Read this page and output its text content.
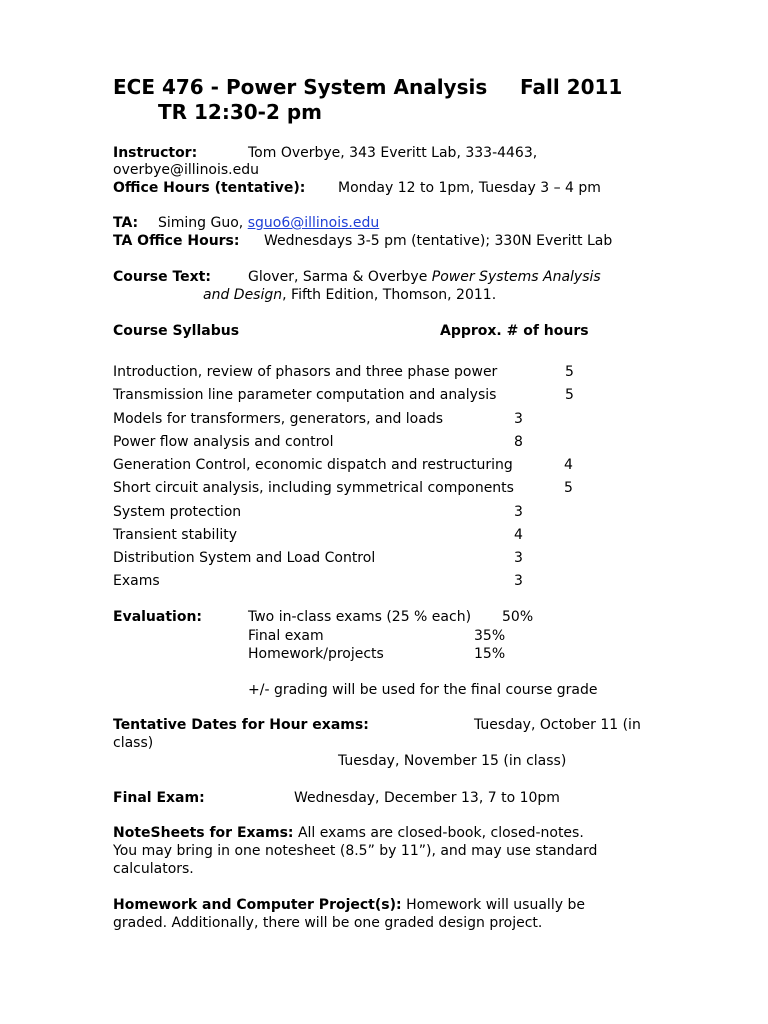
ECE 476 - Power System Analysis Fall 2011
TR 12:30-2 pm
Instructor:	Tom Overbye, 343 Everitt Lab, 333-4463,
overbye@illinois.edu
Office Hours (tentative): Monday 12 to 1pm, Tuesday 3 – 4 pm
TA: Siming Guo, sguo6@illinois.edu
TA Office Hours: Wednesdays 3-5 pm (tentative); 330N Everitt Lab
Course Text:	Glover, Sarma & Overbye Power Systems Analysis
and Design, Fifth Edition, Thomson, 2011.
Course Syllabus	Approx. # of hours
Introduction, review of phasors and three phase power	5
Transmission line parameter computation and analysis	5
Models for transformers, generators, and loads	3
Power flow analysis and control	8
Generation Control, economic dispatch and restructuring	4
Short circuit analysis, including symmetrical components	5
System protection	3
Transient stability	4
Distribution System and Load Control	3
Exams	3
Evaluation:	Two in-class exams (25 % each) 50%
Final exam	35%
Homework/projects	15%
+/- grading will be used for the final course grade
Tentative Dates for Hour exams:	Tuesday, October 11 (in
class)
Tuesday, November 15 (in class)
Final Exam:	Wednesday, December 13, 7 to 10pm
NoteSheets for Exams: All exams are closed-book, closed-notes.
You may bring in one notesheet (8.5” by 11”), and may use standard
calculators.
Homework and Computer Project(s): Homework will usually be
graded. Additionally, there will be one graded design project.
